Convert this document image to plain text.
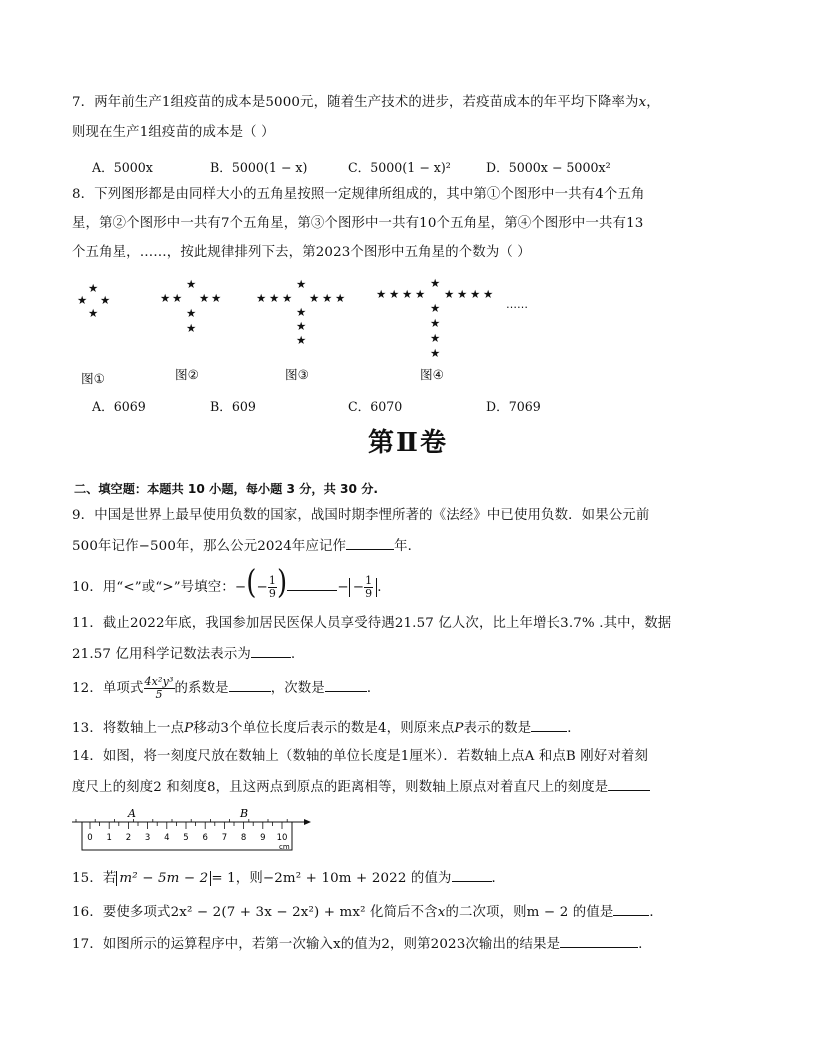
7．两年前生产1组疫苗的成本是5000元，随着生产技术的进步，若疫苗成本的年平均下降率为x，
则现在生产1组疫苗的成本是（ ）
A．5000x	B．5000(1 − x)	C．5000(1 − x)²	D．5000x − 5000x²
8．下列图形都是由同样大小的五角星按照一定规律所组成的，其中第①个图形中一共有4个五角
星，第②个图形中一共有7个五角星，第③个图形中一共有10个五角星，第④个图形中一共有13
个五角星，……，按此规律排列下去，第2023个图形中五角星的个数为（ ）
★
★ ★
★
★
★ ★ ★ ★
★
★
★
★ ★ ★ ★ ★ ★
★
★
★
★
★ ★ ★ ★ ★ ★ ★ ★
★
★
★
★
……
图①	图②	图③	图④
A．6069	B．609	C．6070	D．7069
第Ⅱ卷
二、填空题：本题共 10 小题，每小题 3 分，共 30 分.
9．中国是世界上最早使用负数的国家，战国时期李悝所著的《法经》中已使用负数．如果公元前
500年记作−500年，那么公元2024年应记作	年．
10．用“<”或“>”号填空：−(− $\frac{1}{9}$ )	− − $\frac{1}{9}$ .
11．截止2022年底，我国参加居民医保人员享受待遇21.57 亿人次，比上年增长3.7% .其中，数据
21.57 亿用科学记数法表示为	.
12．单项式 $\frac{\text{4x²y³}}{5}$ 的系数是	，次数是	．
13．将数轴上一点P移动3个单位长度后表示的数是4，则原来点P表示的数是	．
14．如图，将一刻度尺放在数轴上（数轴的单位长度是1厘米）．若数轴上点A 和点B 刚好对着刻
度尺上的刻度2 和刻度8，且这两点到原点的距离相等，则数轴上原点对着直尺上的刻度是
0 1 2 3 4 5 6 7 8 9 10
A	B
cm
15．若 m² − 5m − 2 = 1，则−2m² + 10m + 2022 的值为	．
16．要使多项式2x² − 2(7 + 3x − 2x²) + mx² 化简后不含x的二次项，则m − 2 的值是	．
17．如图所示的运算程序中，若第一次输入x的值为2，则第2023次输出的结果是	.
